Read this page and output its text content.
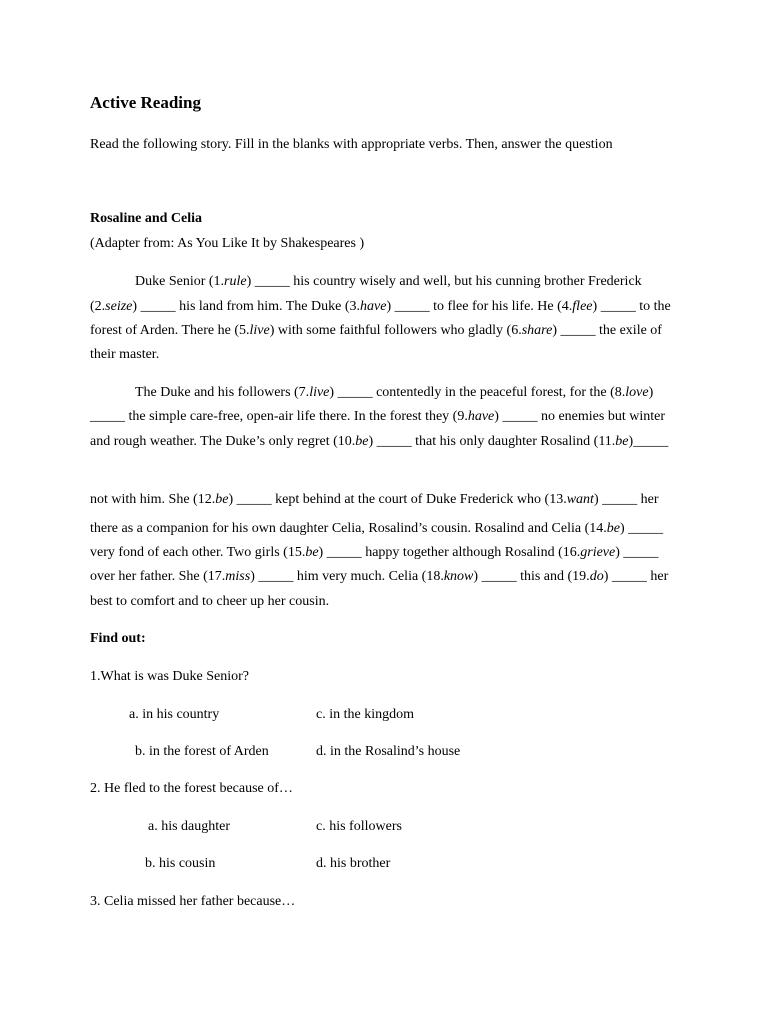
Active Reading
Read the following story. Fill in the blanks with appropriate verbs. Then, answer the question
Rosaline and Celia
(Adapter from: As You Like It by Shakespeares )
Duke Senior (1.rule) _____ his country wisely and well, but his cunning brother Frederick
(2.seize) _____ his land from him. The Duke (3.have) _____ to flee for his life. He (4.flee) _____ to the
forest of Arden. There he (5.live) with some faithful followers who gladly (6.share) _____ the exile of
their master.
The Duke and his followers (7.live) _____ contentedly in the peaceful forest, for the (8.love)
_____ the simple care-free, open-air life there. In the forest they (9.have) _____ no enemies but winter
and rough weather. The Duke’s only regret (10.be) _____ that his only daughter Rosalind (11.be)_____
not with him. She (12.be) _____ kept behind at the court of Duke Frederick who (13.want) _____ her
there as a companion for his own daughter Celia, Rosalind’s cousin. Rosalind and Celia (14.be) _____
very fond of each other. Two girls (15.be) _____ happy together although Rosalind (16.grieve) _____
over her father. She (17.miss) _____ him very much. Celia (18.know) _____ this and (19.do) _____ her
best to comfort and to cheer up her cousin.
Find out:
1.What is was Duke Senior?
a. in his country	c. in the kingdom
b. in the forest of Arden	d. in the Rosalind’s house
2. He fled to the forest because of…
a. his daughter	c. his followers
b. his cousin	d. his brother
3. Celia missed her father because…
